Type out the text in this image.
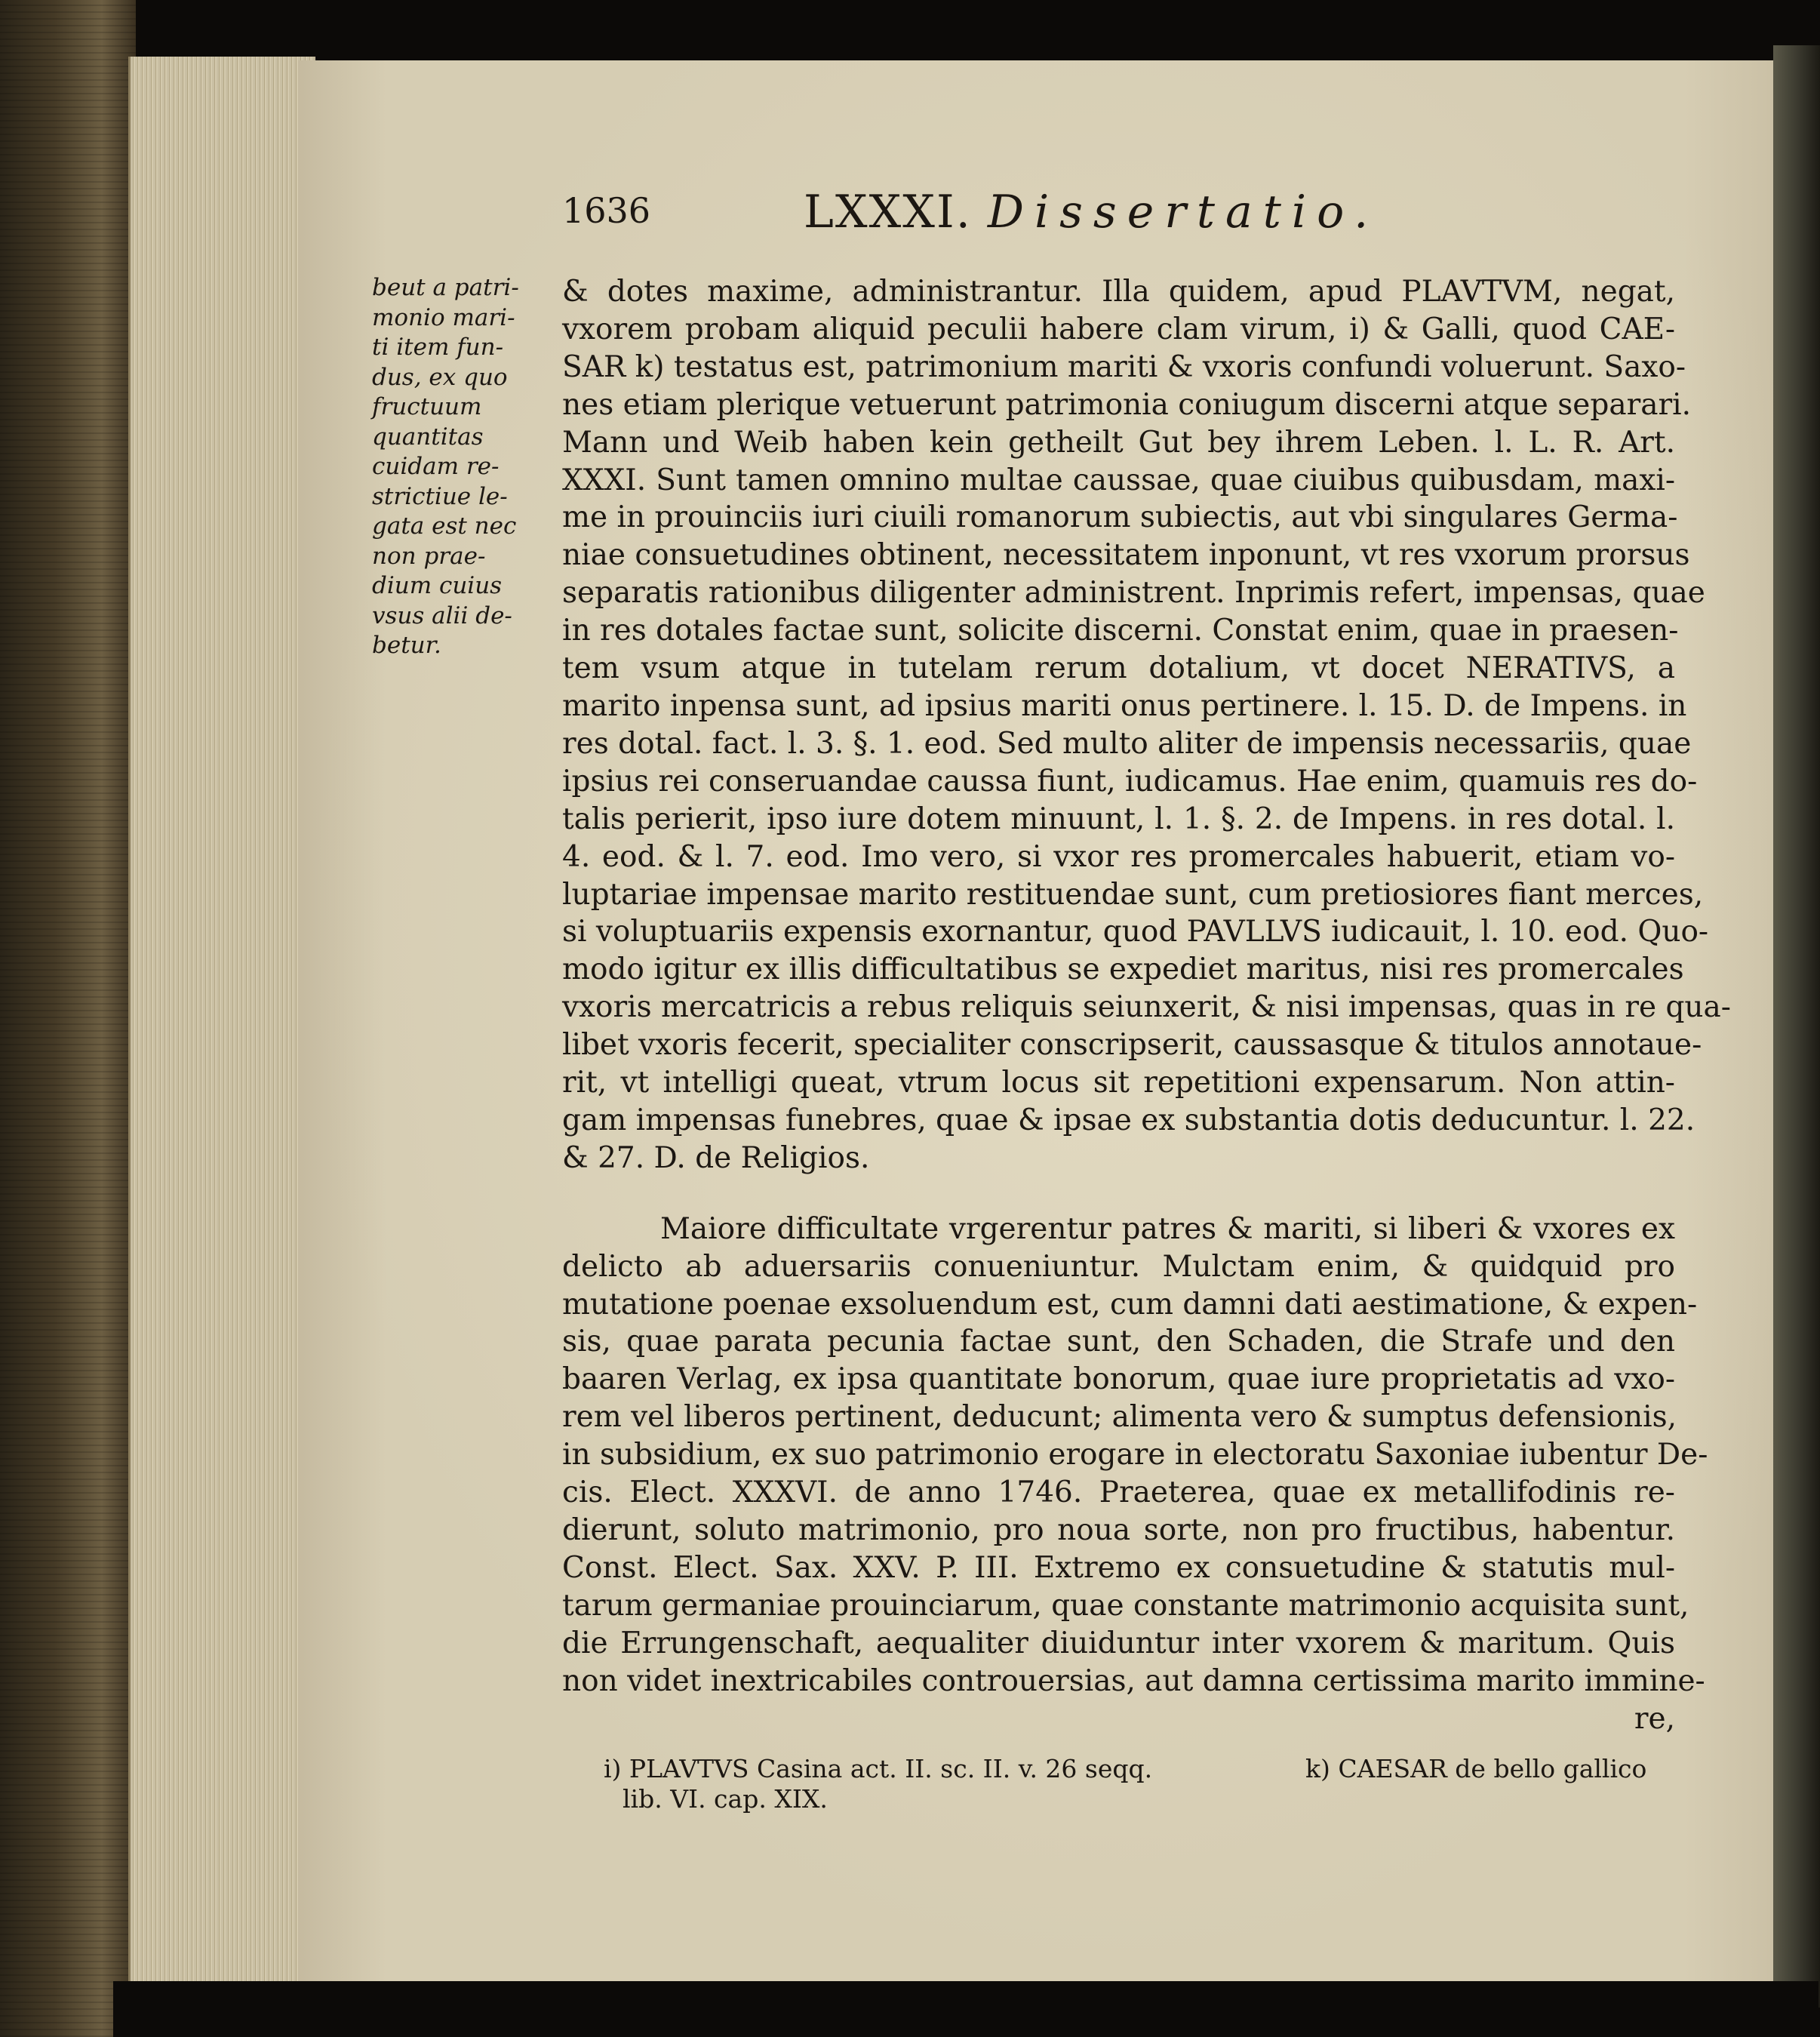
1636	LXXXI. Dissertatio.
beut a patri-
monio mari-
ti item fun-
dus, ex quo
fructuum
quantitas
cuidam re-
strictiue le-
gata est nec
non prae-
dium cuius
vsus alii de-
betur.
& dotes maxime, administrantur. Illa quidem, apud PLAVTVM, negat,
vxorem probam aliquid peculii habere clam virum, i) & Galli, quod CAE-
SAR k) testatus est, patrimonium mariti & vxoris confundi voluerunt. Saxo-
nes etiam plerique vetuerunt patrimonia coniugum discerni atque separari.
Mann und Weib haben kein getheilt Gut bey ihrem Leben. l. L. R. Art.
XXXI. Sunt tamen omnino multae caussae, quae ciuibus quibusdam, maxi-
me in prouinciis iuri ciuili romanorum subiectis, aut vbi singulares Germa-
niae consuetudines obtinent, necessitatem inponunt, vt res vxorum prorsus
separatis rationibus diligenter administrent. Inprimis refert, impensas, quae
in res dotales factae sunt, solicite discerni. Constat enim, quae in praesen-
tem vsum atque in tutelam rerum dotalium, vt docet NERATIVS, a
marito inpensa sunt, ad ipsius mariti onus pertinere. l. 15. D. de Impens. in
res dotal. fact. l. 3. §. 1. eod. Sed multo aliter de impensis necessariis, quae
ipsius rei conseruandae caussa fiunt, iudicamus. Hae enim, quamuis res do-
talis perierit, ipso iure dotem minuunt, l. 1. §. 2. de Impens. in res dotal. l.
4. eod. & l. 7. eod. Imo vero, si vxor res promercales habuerit, etiam vo-
luptariae impensae marito restituendae sunt, cum pretiosiores fiant merces,
si voluptuariis expensis exornantur, quod PAVLLVS iudicauit, l. 10. eod. Quo-
modo igitur ex illis difficultatibus se expediet maritus, nisi res promercales
vxoris mercatricis a rebus reliquis seiunxerit, & nisi impensas, quas in re qua-
libet vxoris fecerit, specialiter conscripserit, caussasque & titulos annotaue-
rit, vt intelligi queat, vtrum locus sit repetitioni expensarum. Non attin-
gam impensas funebres, quae & ipsae ex substantia dotis deducuntur. l. 22.
& 27. D. de Religios.
Maiore difficultate vrgerentur patres & mariti, si liberi & vxores ex
delicto ab aduersariis conueniuntur. Mulctam enim, & quidquid pro
mutatione poenae exsoluendum est, cum damni dati aestimatione, & expen-
sis, quae parata pecunia factae sunt, den Schaden, die Strafe und den
baaren Verlag, ex ipsa quantitate bonorum, quae iure proprietatis ad vxo-
rem vel liberos pertinent, deducunt; alimenta vero & sumptus defensionis,
in subsidium, ex suo patrimonio erogare in electoratu Saxoniae iubentur De-
cis. Elect. XXXVI. de anno 1746. Praeterea, quae ex metallifodinis re-
dierunt, soluto matrimonio, pro noua sorte, non pro fructibus, habentur.
Const. Elect. Sax. XXV. P. III. Extremo ex consuetudine & statutis mul-
tarum germaniae prouinciarum, quae constante matrimonio acquisita sunt,
die Errungenschaft, aequaliter diuiduntur inter vxorem & maritum. Quis
non videt inextricabiles controuersias, aut damna certissima marito immine-
re,
i) PLAVTVS Casina act. II. sc. II. v. 26 seqq.
lib. VI. cap. XIX.
k) CAESAR de bello gallico
